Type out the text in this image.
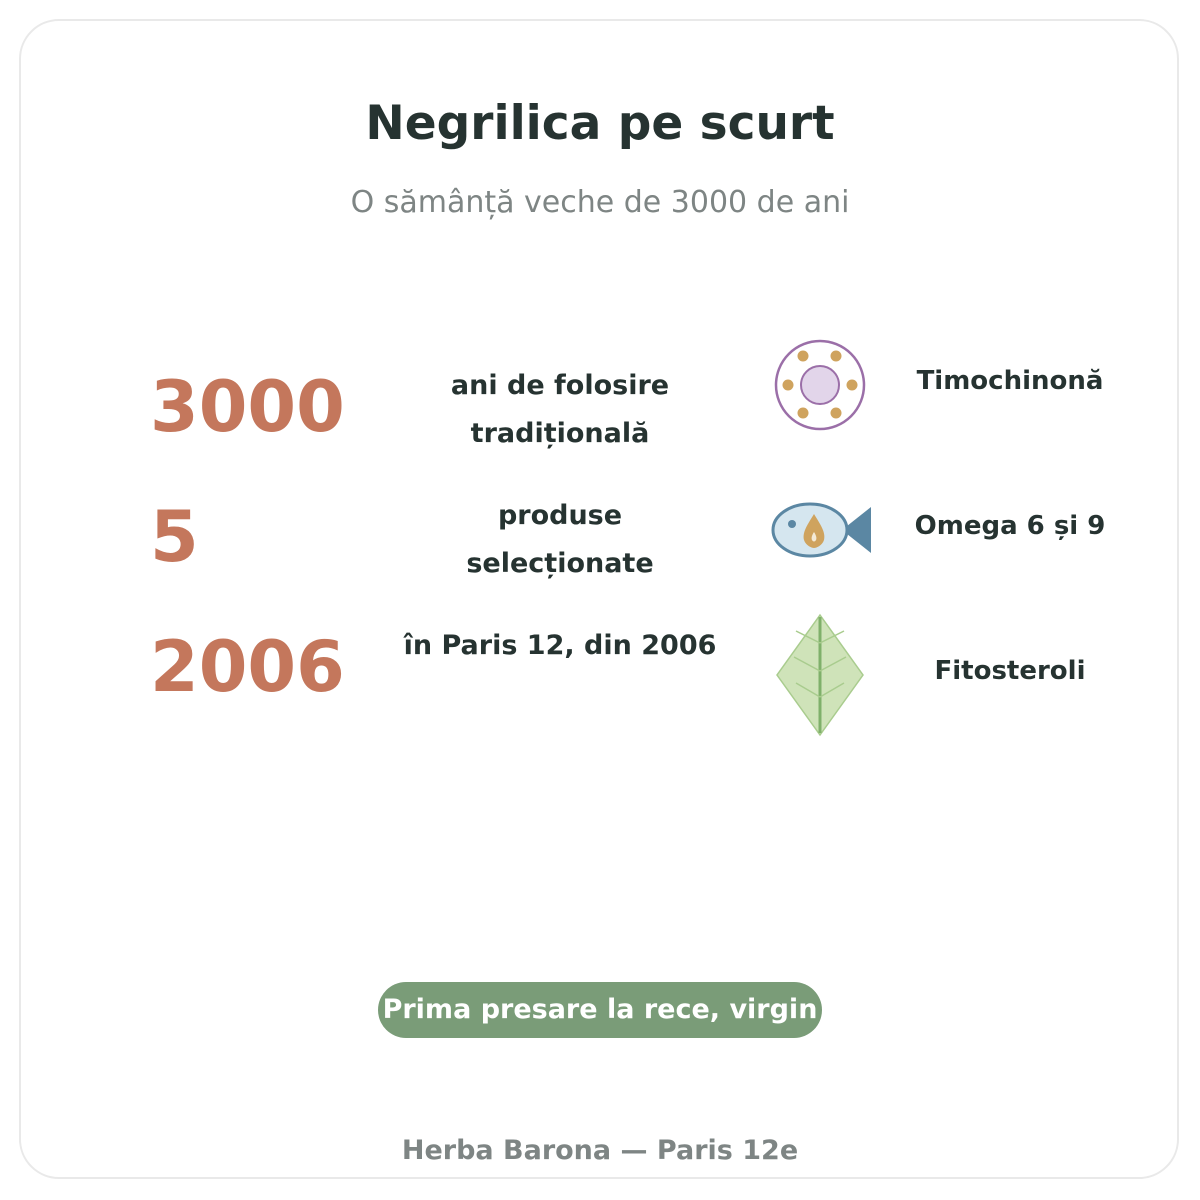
Negrilica pe scurt

O sămânță veche de 3000 de ani

3000	ani de folosire tradițională
5	produse selecționate
2006 în Paris 12, din 2006
Timochinonă
Omega 6 și 9
Fitosteroli
Prima presare la rece, virgin

Herba Barona — Paris 12e
